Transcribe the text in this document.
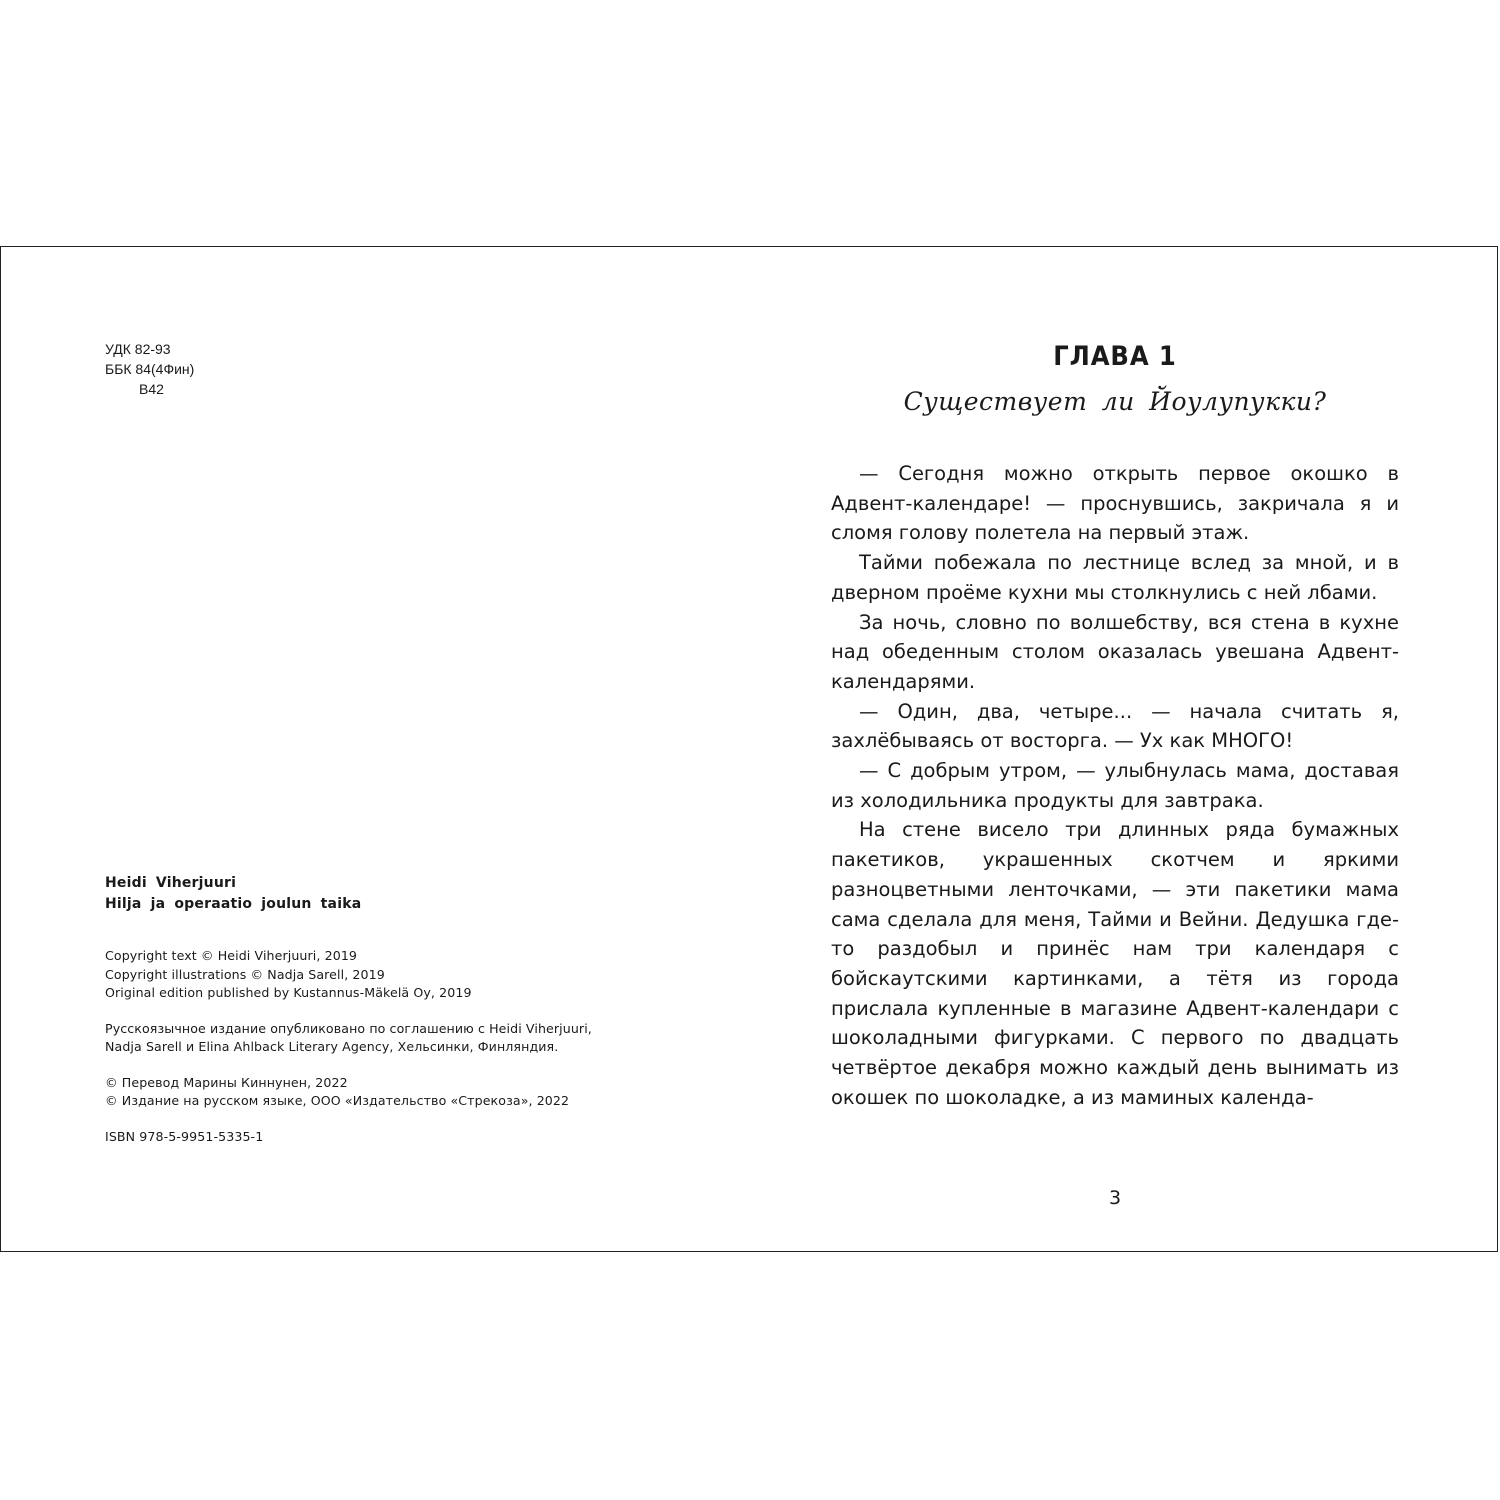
УДК 82-93
ББК 84(4Фин)
В42
Heidi Viherjuuri
Hilja ja operaatio joulun taika

Copyright text © Heidi Viherjuuri, 2019

Copyright illustrations © Nadja Sarell, 2019

Original edition published by Kustannus-Mäkelä Oy, 2019

Русскоязычное издание опубликовано по соглашению с Heidi Viherjuuri,

Nadja Sarell и Elina Ahlback Literary Agency, Хельсинки, Финляндия.

© Перевод Марины Киннунен, 2022

© Издание на русском языке, ООО «Издательство «Стрекоза», 2022

ISBN 978-5-9951-5335-1

ГЛАВА 1
Существует ли Йоулупукки?

— Сегодня можно открыть первое окошко в Адвент-календаре! — проснувшись, закричала я и сломя голову полетела на первый этаж.

Тайми побежала по лестнице вслед за мной, и в дверном проёме кухни мы столкнулись с ней лбами.

За ночь, словно по волшебству, вся стена в кухне над обеденным столом оказалась увешана Адвент-календарями.

— Один, два, четыре... — начала считать я, захлёбываясь от восторга. — Ух как МНОГО!

— С добрым утром, — улыбнулась мама, доставая из холодильника продукты для завтрака.

На стене висело три длинных ряда бумажных пакетиков, украшенных скотчем и яркими разноцветными ленточками, — эти пакетики мама сама сделала для меня, Тайми и Вейни. Дедушка где-то раздобыл и принёс нам три календаря с бойскаутскими картинками, а тётя из города прислала купленные в магазине Адвент-календари с шоколадными фигурками. С первого по двадцать четвёртое декабря можно каждый день вынимать из окошек по шоколадке, а из маминых календа-

3
